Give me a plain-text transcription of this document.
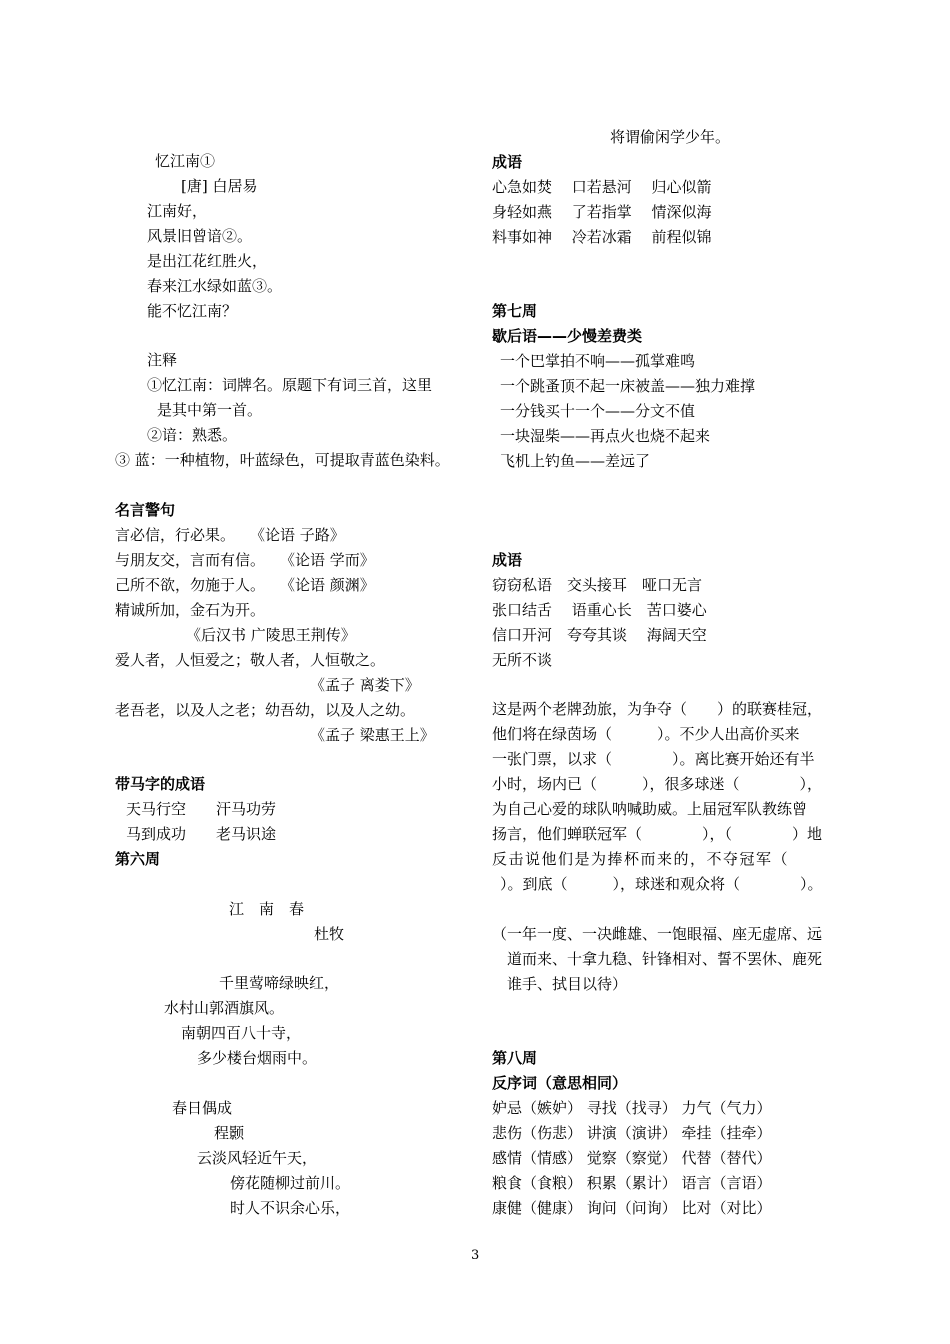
忆江南①
[唐] 白居易
江南好，
风景旧曾谙②。
是出江花红胜火，
春来江水绿如蓝③。
能不忆江南？
注释
①忆江南：词牌名。原题下有词三首，这里
是其中第一首。
②谙：熟悉。
③ 蓝：一种植物，叶蓝绿色，可提取青蓝色染料。
名言警句
言必信，行必果。　　《论语 子路》
与朋友交，言而有信。　　《论语 学而》
己所不欲，勿施于人。　　《论语 颜渊》
精诚所加，金石为开。
《后汉书 广陵思王荆传》
爱人者，人恒爱之；敬人者，人恒敬之。
《孟子 离娄下》
老吾老，以及人之老；幼吾幼，以及人之幼。
《孟子 梁惠王上》
带马字的成语
天马行空　　汗马功劳
马到成功　　老马识途
第六周
江　南　春
杜牧
千里莺啼绿映红，
水村山郭酒旗风。
南朝四百八十寺，
多少楼台烟雨中。
春日偶成
程颢
云淡风轻近午天，
傍花随柳过前川。
时人不识余心乐，
将谓偷闲学少年。
成语
心急如焚　 口若悬河　 归心似箭
身轻如燕　 了若指掌　 情深似海
料事如神　 冷若冰霜　 前程似锦
第七周
歇后语——少慢差费类
一个巴掌拍不响——孤掌难鸣
一个跳蚤顶不起一床被盖——独力难撑
一分钱买十一个——分文不值
一块湿柴——再点火也烧不起来
飞机上钓鱼——差远了
成语
窃窃私语　交头接耳　哑口无言
张口结舌　 语重心长　苦口婆心
信口开河　夸夸其谈　 海阔天空
无所不谈
这是两个老牌劲旅，为争夺（　　）的联赛桂冠，
他们将在绿茵场（　　　）。不少人出高价买来
一张门票，以求（　　　　）。离比赛开始还有半
小时，场内已（　　　），很多球迷（　　　　），
为自己心爱的球队呐喊助威。上届冠军队教练曾
扬言，他们蝉联冠军（　　　　），（　　　　）地
反击说他们是为捧杯而来的，不夺冠军（
）。到底（　　　），球迷和观众将（　　　　）。
（一年一度、一决雌雄、一饱眼福、座无虚席、远
道而来、十拿九稳、针锋相对、誓不罢休、鹿死
谁手、拭目以待）
第八周
反序词（意思相同）
妒忌（嫉妒） 寻找（找寻） 力气（气力）
悲伤（伤悲） 讲演（演讲） 牵挂（挂牵）
感情（情感） 觉察（察觉） 代替（替代）
粮食（食粮） 积累（累计） 语言（言语）
康健（健康） 询问（问询） 比对（对比）
3
